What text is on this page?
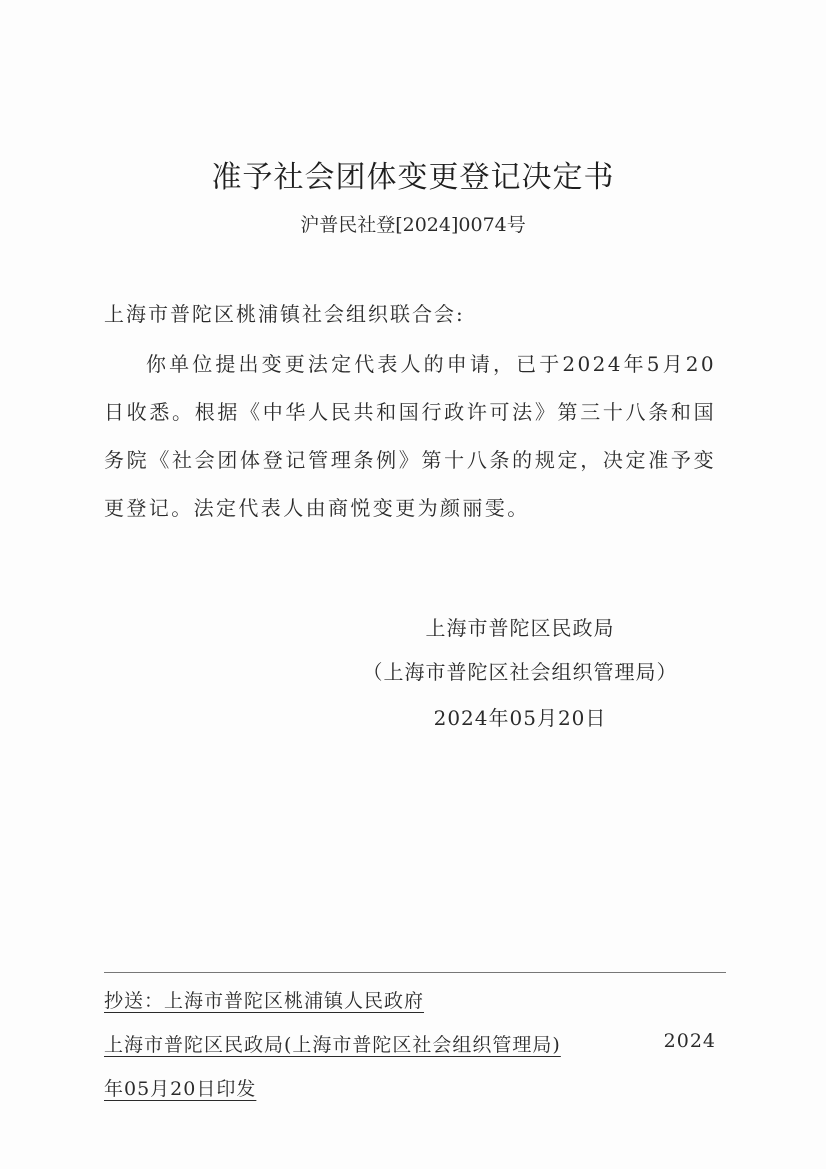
准予社会团体变更登记决定书
沪普民社登[2024]0074号
上海市普陀区桃浦镇社会组织联合会:
你单位提出变更法定代表人的申请，已于2024年5月20日收悉。根据《中华人民共和国行政许可法》第三十八条和国务院《社会团体登记管理条例》第十八条的规定，决定准予变更登记。法定代表人由商悦变更为颜丽雯。
上海市普陀区民政局
（上海市普陀区社会组织管理局）
2024年05月20日
抄送：上海市普陀区桃浦镇人民政府
上海市普陀区民政局(上海市普陀区社会组织管理局)	2024
年05月20日印发
